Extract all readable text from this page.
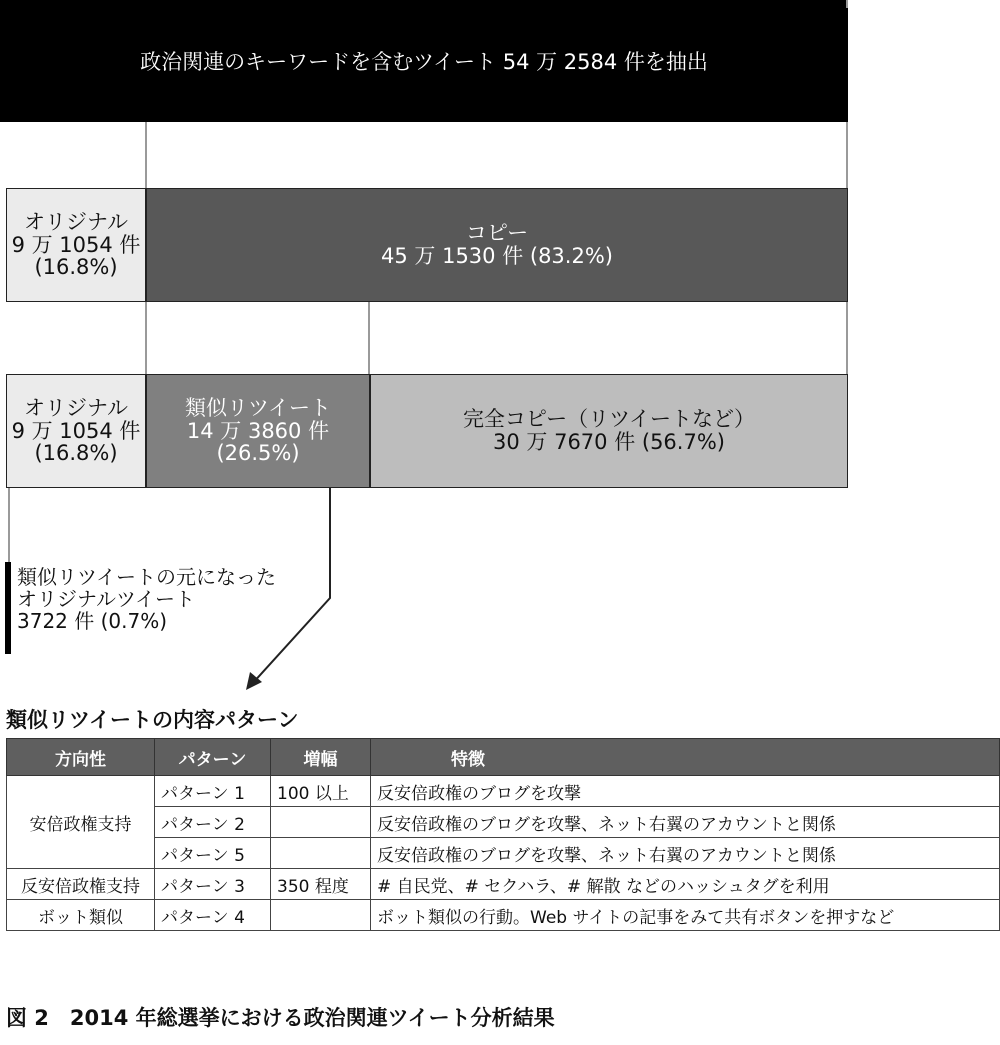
政治関連のキーワードを含むツイート 54 万 2584 件を抽出
オリジナル
9 万 1054 件
(16.8%)
コピー
45 万 1530 件 (83.2%)
オリジナル
9 万 1054 件
(16.8%)
類似リツイート
14 万 3860 件
(26.5%)
完全コピー（リツイートなど）
30 万 7670 件 (56.7%)
類似リツイートの元になった
オリジナルツイート
3722 件 (0.7%)
類似リツイートの内容パターン
方向性	パターン	増幅	特徴
安倍政権支持	パターン 1	100 以上	反安倍政権のブログを攻撃
	パターン 2		反安倍政権のブログを攻撃、ネット右翼のアカウントと関係
	パターン 5		反安倍政権のブログを攻撃、ネット右翼のアカウントと関係
反安倍政権支持	パターン 3	350 程度	# 自民党、# セクハラ、# 解散 などのハッシュタグを利用
ボット類似	パターン 4		ボット類似の行動。Web サイトの記事をみて共有ボタンを押すなど
図 2　2014 年総選挙における政治関連ツイート分析結果
